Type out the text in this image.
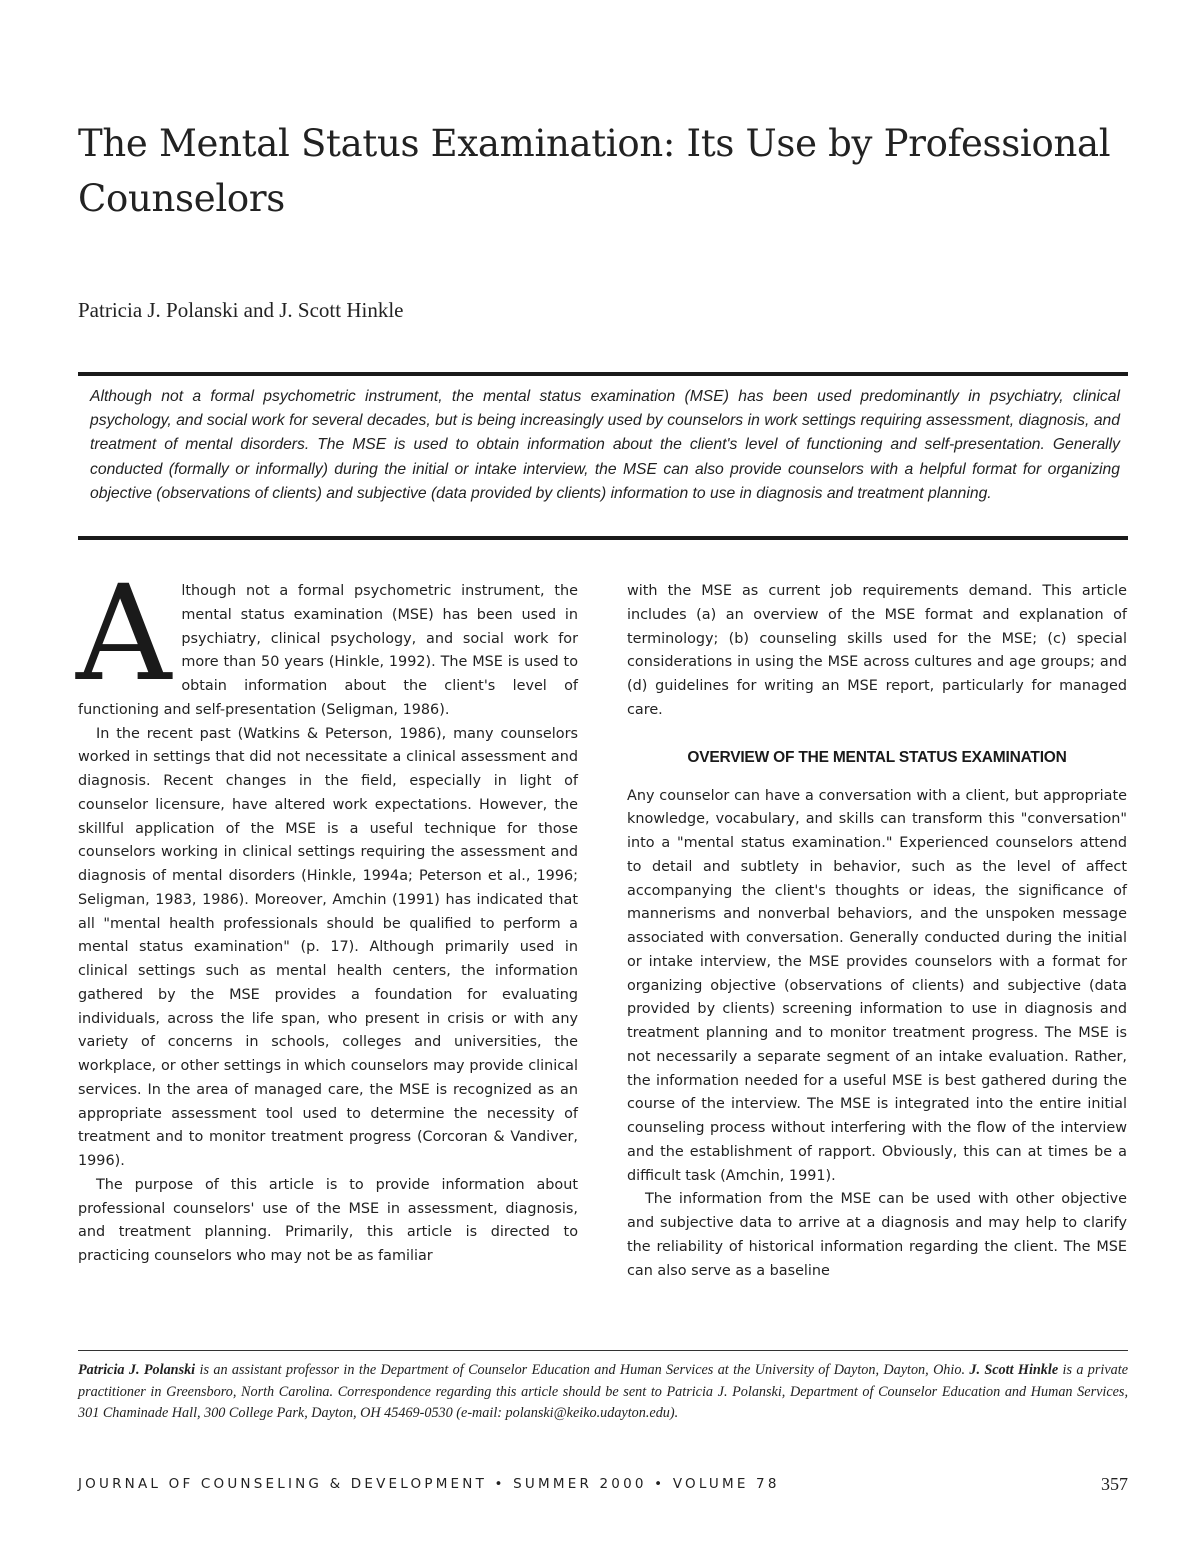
The Mental Status Examination: Its Use by Professional Counselors

Patricia J. Polanski and J. Scott Hinkle

Although not a formal psychometric instrument, the mental status examination (MSE) has been used predominantly in psychiatry, clinical psychology, and social work for several decades, but is being increasingly used by counselors in work settings requiring assessment, diagnosis, and treatment of mental disorders. The MSE is used to obtain information about the client's level of functioning and self-presentation. Generally conducted (formally or informally) during the initial or intake interview, the MSE can also provide counselors with a helpful format for organizing objective (observations of clients) and subjective (data provided by clients) information to use in diagnosis and treatment planning.

Although not a formal psychometric instrument, the mental status examination (MSE) has been used in psychiatry, clinical psychology, and social work for more than 50 years (Hinkle, 1992). The MSE is used to obtain information about the client's level of functioning and self-presentation (Seligman, 1986).

In the recent past (Watkins & Peterson, 1986), many counselors worked in settings that did not necessitate a clinical assessment and diagnosis. Recent changes in the field, especially in light of counselor licensure, have altered work expectations. However, the skillful application of the MSE is a useful technique for those counselors working in clinical settings requiring the assessment and diagnosis of mental disorders (Hinkle, 1994a; Peterson et al., 1996; Seligman, 1983, 1986). Moreover, Amchin (1991) has indicated that all "mental health professionals should be qualified to perform a mental status examination" (p. 17). Although primarily used in clinical settings such as mental health centers, the information gathered by the MSE provides a foundation for evaluating individuals, across the life span, who present in crisis or with any variety of concerns in schools, colleges and universities, the workplace, or other settings in which counselors may provide clinical services. In the area of managed care, the MSE is recognized as an appropriate assessment tool used to determine the necessity of treatment and to monitor treatment progress (Corcoran & Vandiver, 1996).

The purpose of this article is to provide information about professional counselors' use of the MSE in assessment, diagnosis, and treatment planning. Primarily, this article is directed to practicing counselors who may not be as familiar

with the MSE as current job requirements demand. This article includes (a) an overview of the MSE format and explanation of terminology; (b) counseling skills used for the MSE; (c) special considerations in using the MSE across cultures and age groups; and (d) guidelines for writing an MSE report, particularly for managed care.

OVERVIEW OF THE MENTAL STATUS EXAMINATION

Any counselor can have a conversation with a client, but appropriate knowledge, vocabulary, and skills can transform this "conversation" into a "mental status examination." Experienced counselors attend to detail and subtlety in behavior, such as the level of affect accompanying the client's thoughts or ideas, the significance of mannerisms and nonverbal behaviors, and the unspoken message associated with conversation. Generally conducted during the initial or intake interview, the MSE provides counselors with a format for organizing objective (observations of clients) and subjective (data provided by clients) screening information to use in diagnosis and treatment planning and to monitor treatment progress. The MSE is not necessarily a separate segment of an intake evaluation. Rather, the information needed for a useful MSE is best gathered during the course of the interview. The MSE is integrated into the entire initial counseling process without interfering with the flow of the interview and the establishment of rapport. Obviously, this can at times be a difficult task (Amchin, 1991).

The information from the MSE can be used with other objective and subjective data to arrive at a diagnosis and may help to clarify the reliability of historical information regarding the client. The MSE can also serve as a baseline

Patricia J. Polanski is an assistant professor in the Department of Counselor Education and Human Services at the University of Dayton, Dayton, Ohio. J. Scott Hinkle is a private practitioner in Greensboro, North Carolina. Correspondence regarding this article should be sent to Patricia J. Polanski, Department of Counselor Education and Human Services, 301 Chaminade Hall, 300 College Park, Dayton, OH 45469-0530 (e-mail: polanski@keiko.udayton.edu).

JOURNAL OF COUNSELING & DEVELOPMENT • SUMMER 2000 • VOLUME 78	357
